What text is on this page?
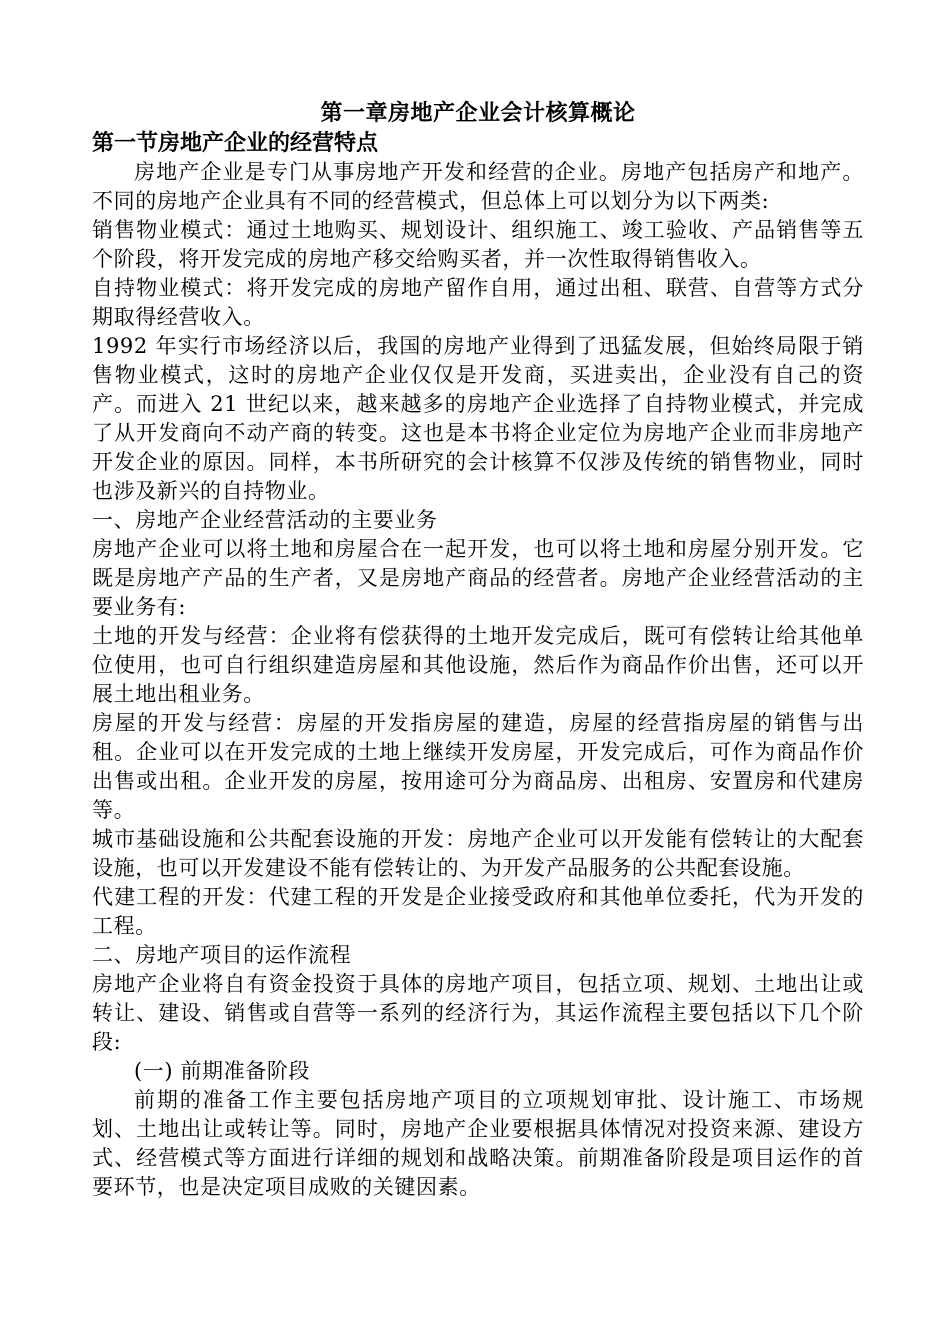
第一章房地产企业会计核算概论
第一节房地产企业的经营特点

房地产企业是专门从事房地产开发和经营的企业。房地产包括房产和地产。不同的房地产企业具有不同的经营模式，但总体上可以划分为以下两类:

销售物业模式：通过土地购买、规划设计、组织施工、竣工验收、产品销售等五个阶段，将开发完成的房地产移交给购买者，并一次性取得销售收入。

自持物业模式：将开发完成的房地产留作自用，通过出租、联营、自营等方式分期取得经营收入。

1992 年实行市场经济以后，我国的房地产业得到了迅猛发展，但始终局限于销售物业模式，这时的房地产企业仅仅是开发商，买进卖出，企业没有自己的资产。而进入 21 世纪以来，越来越多的房地产企业选择了自持物业模式，并完成了从开发商向不动产商的转变。这也是本书将企业定位为房地产企业而非房地产开发企业的原因。同样，本书所研究的会计核算不仅涉及传统的销售物业，同时也涉及新兴的自持物业。

一、房地产企业经营活动的主要业务

房地产企业可以将土地和房屋合在一起开发，也可以将土地和房屋分别开发。它既是房地产产品的生产者，又是房地产商品的经营者。房地产企业经营活动的主要业务有:

土地的开发与经营：企业将有偿获得的土地开发完成后，既可有偿转让给其他单位使用，也可自行组织建造房屋和其他设施，然后作为商品作价出售，还可以开展土地出租业务。

房屋的开发与经营：房屋的开发指房屋的建造，房屋的经营指房屋的销售与出租。企业可以在开发完成的土地上继续开发房屋，开发完成后，可作为商品作价出售或出租。企业开发的房屋，按用途可分为商品房、出租房、安置房和代建房等。

城市基础设施和公共配套设施的开发：房地产企业可以开发能有偿转让的大配套设施，也可以开发建设不能有偿转让的、为开发产品服务的公共配套设施。

代建工程的开发：代建工程的开发是企业接受政府和其他单位委托，代为开发的工程。

二、房地产项目的运作流程

房地产企业将自有资金投资于具体的房地产项目，包括立项、规划、土地出让或转让、建设、销售或自营等一系列的经济行为，其运作流程主要包括以下几个阶段:

(一) 前期准备阶段

前期的准备工作主要包括房地产项目的立项规划审批、设计施工、市场规划、土地出让或转让等。同时，房地产企业要根据具体情况对投资来源、建设方式、经营模式等方面进行详细的规划和战略决策。前期准备阶段是项目运作的首要环节，也是决定项目成败的关键因素。
